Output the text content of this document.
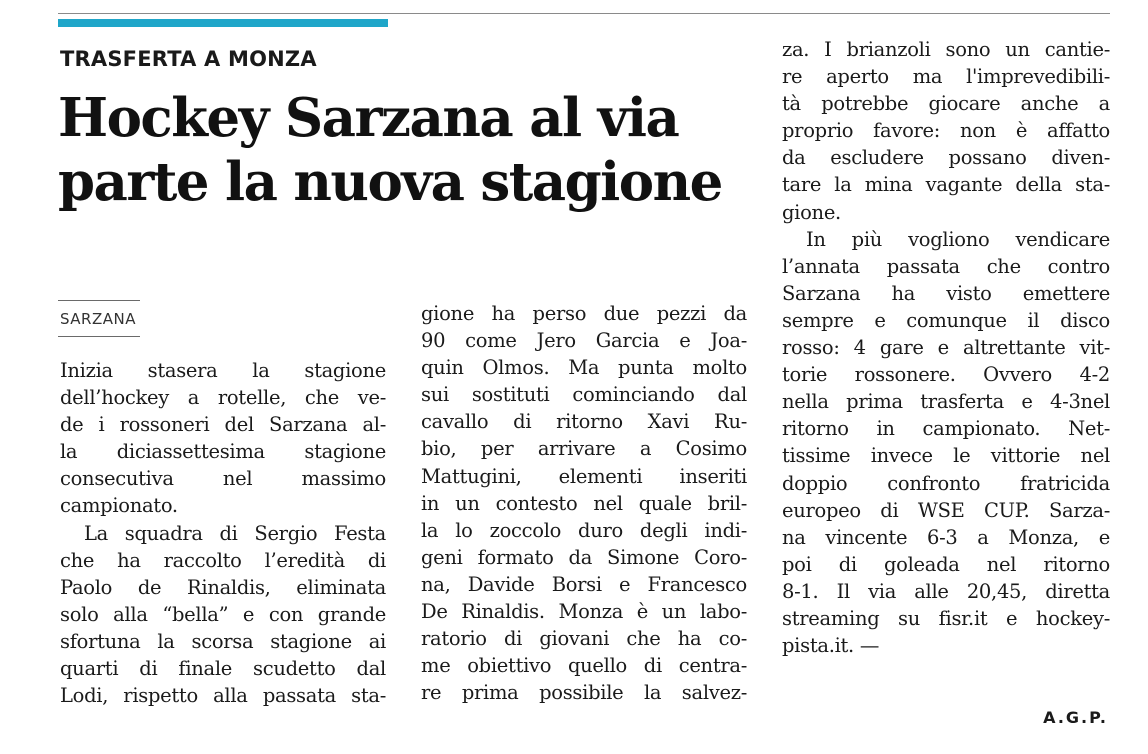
TRASFERTA A MONZA
Hockey Sarzana al via
parte la nuova stagione
SARZANA
Inizia stasera la stagione
dell’hockey a rotelle, che ve-
de i rossoneri del Sarzana al-
la diciassettesima stagione
consecutiva nel massimo
campionato.
La squadra di Sergio Festa
che ha raccolto l’eredità di
Paolo de Rinaldis, eliminata
solo alla “bella” e con grande
sfortuna la scorsa stagione ai
quarti di finale scudetto dal
Lodi, rispetto alla passata sta-
gione ha perso due pezzi da
90 come Jero Garcia e Joa-
quin Olmos. Ma punta molto
sui sostituti cominciando dal
cavallo di ritorno Xavi Ru-
bio, per arrivare a Cosimo
Mattugini, elementi inseriti
in un contesto nel quale bril-
la lo zoccolo duro degli indi-
geni formato da Simone Coro-
na, Davide Borsi e Francesco
De Rinaldis. Monza è un labo-
ratorio di giovani che ha co-
me obiettivo quello di centra-
re prima possibile la salvez-
za. I brianzoli sono un cantie-
re aperto ma l'imprevedibili-
tà potrebbe giocare anche a
proprio favore: non è affatto
da escludere possano diven-
tare la mina vagante della sta-
gione.
In più vogliono vendicare
l’annata passata che contro
Sarzana ha visto emettere
sempre e comunque il disco
rosso: 4 gare e altrettante vit-
torie rossonere. Ovvero 4-2
nella prima trasferta e 4-3nel
ritorno in campionato. Net-
tissime invece le vittorie nel
doppio confronto fratricida
europeo di WSE CUP. Sarza-
na vincente 6-3 a Monza, e
poi di goleada nel ritorno
8-1. Il via alle 20,45, diretta
streaming su fisr.it e hockey-
pista.it. —
A.G.P.
